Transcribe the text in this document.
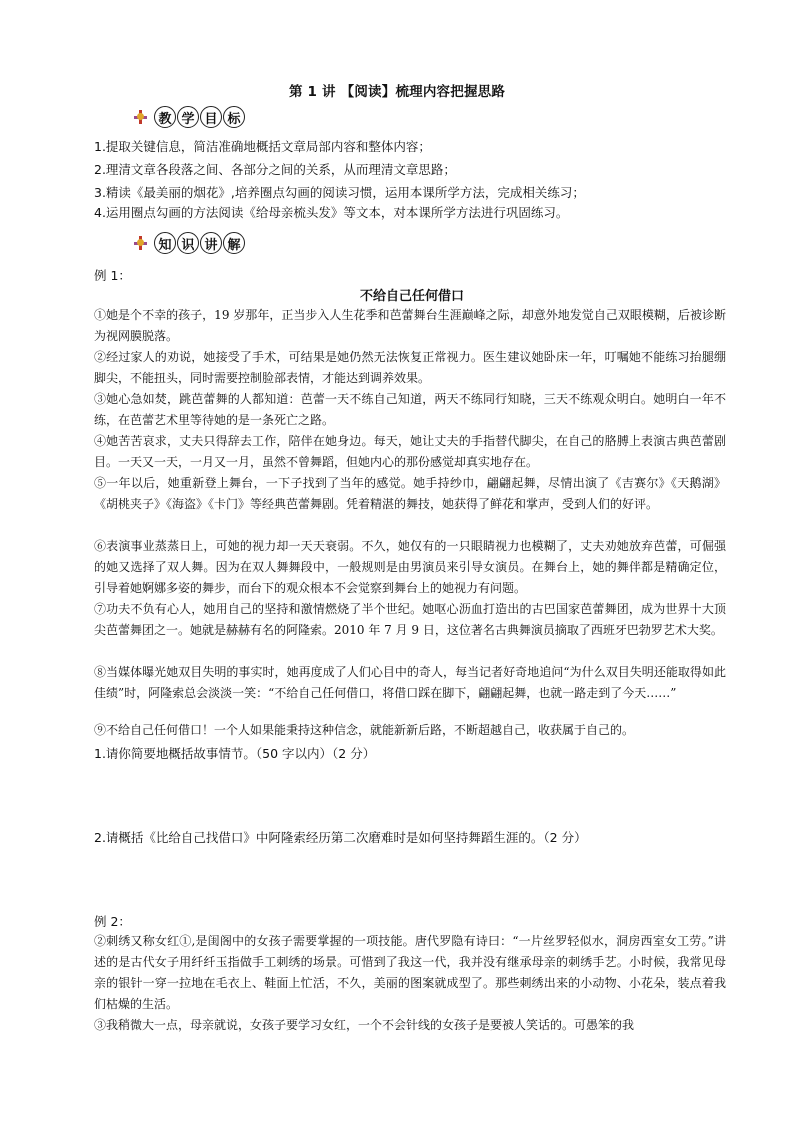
第 1 讲 【阅读】梳理内容把握思路
教 学 目 标
1.提取关键信息，简洁准确地概括文章局部内容和整体内容；
2.理清文章各段落之间、各部分之间的关系，从而理清文章思路；
3.精读《最美丽的烟花》,培养圈点勾画的阅读习惯，运用本课所学方法，完成相关练习；
4.运用圈点勾画的方法阅读《给母亲梳头发》等文本，对本课所学方法进行巩固练习。
知 识 讲 解
例 1：
不给自己任何借口
①她是个不幸的孩子，19 岁那年，正当步入人生花季和芭蕾舞台生涯巅峰之际，却意外地发觉自己双眼模糊，后被诊断为视网膜脱落。
②经过家人的劝说，她接受了手术，可结果是她仍然无法恢复正常视力。医生建议她卧床一年，叮嘱她不能练习抬腿绷脚尖，不能扭头，同时需要控制脸部表情，才能达到调养效果。
③她心急如焚，跳芭蕾舞的人都知道：芭蕾一天不练自己知道，两天不练同行知晓，三天不练观众明白。她明白一年不练，在芭蕾艺术里等待她的是一条死亡之路。
④她苦苦哀求，丈夫只得辞去工作，陪伴在她身边。每天，她让丈夫的手指替代脚尖，在自己的胳膊上表演古典芭蕾剧目。一天又一天，一月又一月，虽然不曾舞蹈，但她内心的那份感觉却真实地存在。
⑤一年以后，她重新登上舞台，一下子找到了当年的感觉。她手持纱巾，翩翩起舞，尽情出演了《吉赛尔》《天鹅湖》《胡桃夹子》《海盗》《卡门》等经典芭蕾舞剧。凭着精湛的舞技，她获得了鲜花和掌声，受到人们的好评。
⑥表演事业蒸蒸日上，可她的视力却一天天衰弱。不久，她仅有的一只眼睛视力也模糊了，丈夫劝她放弃芭蕾，可倔强的她又选择了双人舞。因为在双人舞舞段中，一般规则是由男演员来引导女演员。在舞台上，她的舞伴都是精确定位，引导着她婀娜多姿的舞步，而台下的观众根本不会觉察到舞台上的她视力有问题。
⑦功夫不负有心人，她用自己的坚持和激情燃烧了半个世纪。她呕心沥血打造出的古巴国家芭蕾舞团，成为世界十大顶尖芭蕾舞团之一。她就是赫赫有名的阿隆索。2010 年 7 月 9 日，这位著名古典舞演员摘取了西班牙巴勃罗艺术大奖。
⑧当媒体曝光她双目失明的事实时，她再度成了人们心目中的奇人，每当记者好奇地追问“为什么双目失明还能取得如此佳绩”时，阿隆索总会淡淡一笑：“不给自己任何借口，将借口踩在脚下，翩翩起舞，也就一路走到了今天……”
⑨不给自己任何借口！一个人如果能秉持这种信念，就能新新后路，不断超越自己，收获属于自己的。
1.请你简要地概括故事情节。（50 字以内）（2 分）
2.请概括《比给自己找借口》中阿隆索经历第二次磨难时是如何坚持舞蹈生涯的。（2 分）
例 2：
②刺绣又称女红①,是闺阁中的女孩子需要掌握的一项技能。唐代罗隐有诗曰：“一片丝罗轻似水，洞房西室女工劳。”讲述的是古代女子用纤纤玉指做手工刺绣的场景。可惜到了我这一代，我并没有继承母亲的刺绣手艺。小时候，我常见母亲的银针一穿一拉地在毛衣上、鞋面上忙活，不久，美丽的图案就成型了。那些刺绣出来的小动物、小花朵，装点着我们枯燥的生活。
③我稍微大一点，母亲就说，女孩子要学习女红，一个不会针线的女孩子是要被人笑话的。可愚笨的我
